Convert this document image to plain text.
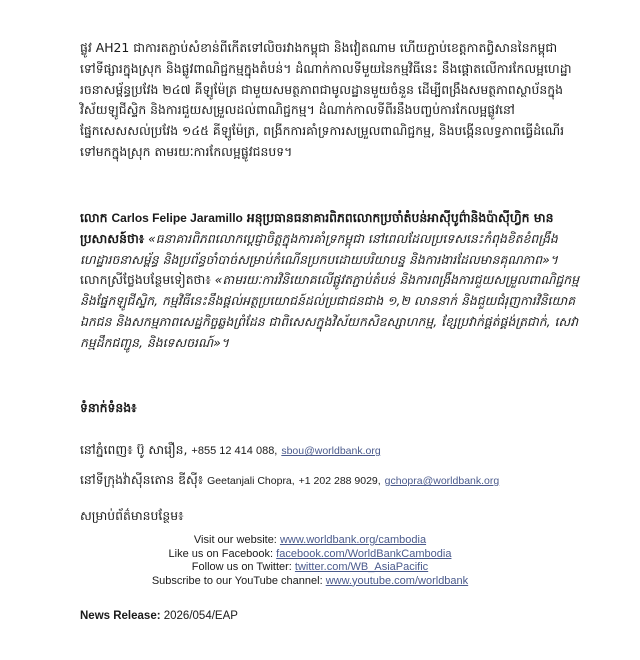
ផ្លូវ AH21 ជាការតភ្ជាប់សំខាន់ពីកើតទៅលិចរវាងកម្ពុជា និងវៀតណាម ហើយភ្ជាប់ខេត្តកាតព្វិសាននៃកម្ពុជាទៅទីផ្សារក្នុងស្រុក និងផ្លូវពាណិជ្ជកម្មក្នុងតំបន់។ ដំណាក់កាលទីមួយនៃកម្មវិធីនេះ នឹងផ្តោតលើការកែលម្អហេដ្ឋារចនាសម្ព័ន្ធប្រវែង ២៤៧ គីឡូម៉ែត្រ ជាមួយសមត្ថភាពជាមូលដ្ឋានមួយចំនួន ដើម្បីពង្រឹងសមត្ថភាពស្ថាប័នក្នុងវិស័យឡូជីស្ទិក និងការជួយសម្រួលដល់ពាណិជ្ជកម្ម។ ដំណាក់កាលទីពីរនឹងបញ្ចប់ការកែលម្អផ្លូវនៅផ្នែកសេសសល់ប្រវែង ១៤៥ គីឡូម៉ែត្រ, ពង្រីកការគាំទ្រការសម្រួលពាណិជ្ជកម្ម, និងបង្កើនលទ្ធភាពធ្វើដំណើរទៅមកក្នុងស្រុក តាមរយៈការកែលម្អផ្លូវជនបទ។
លោក Carlos Felipe Jaramillo អនុប្រធានធនាគារពិភពលោកប្រចាំតំបន់អាស៊ីបូព៌ានិងប៉ាស៊ីហ្វិក មានប្រសាសន៍ថា៖ «ធនាគារពិភពលោកប្តេជ្ញាចិត្តក្នុងការគាំទ្រកម្ពុជា នៅពេលដែលប្រទេសនេះកំពុងខិតខំពង្រឹងហេដ្ឋារចនាសម្ព័ន្ធ និងប្រព័ន្ធចាំបាច់សម្រាប់កំណើនប្រកបដោយបរិយាបន្ន និងការងារដែលមានគុណភាព»។ លោកស្រីថ្លែងបន្ថែមទៀតថា៖ «តាមរយៈការវិនិយោគលើផ្លូវតភ្ជាប់តំបន់ និងការពង្រឹងការជួយសម្រួលពាណិជ្ជកម្ម និងផ្នែកឡូជីស្ទិក, កម្មវិធីនេះនឹងផ្តល់អត្ថប្រយោជន៍ដល់ប្រជាជនជាង ១,២ លាននាក់ និងជួយជំរុញការវិនិយោគឯកជន និងសកម្មភាពសេដ្ឋកិច្ចឆ្លងព្រំដែន ជាពិសេសក្នុងវិស័យកសិឧស្សាហកម្ម, ខ្សែប្រវាក់ផ្គត់ផ្គង់ត្រជាក់, សេវាកម្មដឹកជញ្ជូន, និងទេសចរណ៍»។
ទំនាក់ទំនង៖
នៅភ្នំពេញ៖ ប៊ូ សារឿន, +855 12 414 088, sbou@worldbank.org
នៅទីក្រុងវ៉ាស៊ីនតោន ឌីស៊ី៖ Geetanjali Chopra, +1 202 288 9029, gchopra@worldbank.org
សម្រាប់ព័ត៌មានបន្ថែម៖
Visit our website: www.worldbank.org/cambodia
Like us on Facebook: facebook.com/WorldBankCambodia
Follow us on Twitter: twitter.com/WB_AsiaPacific
Subscribe to our YouTube channel: www.youtube.com/worldbank
News Release: 2026/054/EAP
